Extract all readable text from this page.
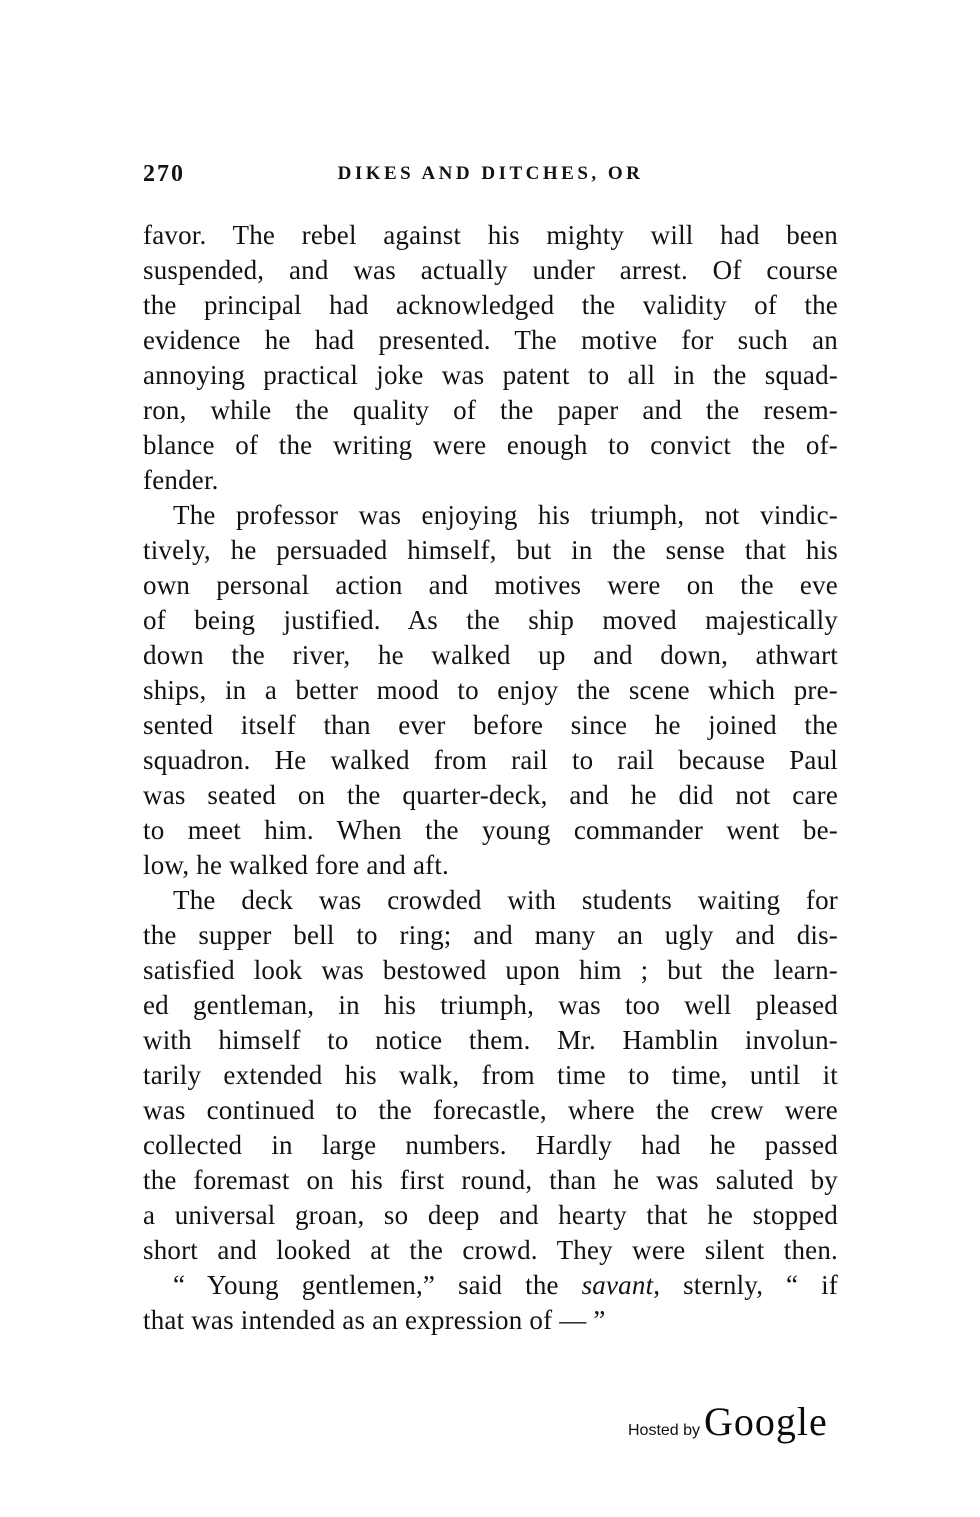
270	DIKES AND DITCHES, OR
favor. The rebel against his mighty will had been
suspended, and was actually under arrest. Of course
the principal had acknowledged the validity of the
evidence he had presented. The motive for such an
annoying practical joke was patent to all in the squad-
ron, while the quality of the paper and the resem-
blance of the writing were enough to convict the of-
fender.
The professor was enjoying his triumph, not vindic-
tively, he persuaded himself, but in the sense that his
own personal action and motives were on the eve
of being justified. As the ship moved majestically
down the river, he walked up and down, athwart
ships, in a better mood to enjoy the scene which pre-
sented itself than ever before since he joined the
squadron. He walked from rail to rail because Paul
was seated on the quarter-deck, and he did not care
to meet him. When the young commander went be-
low, he walked fore and aft.
The deck was crowded with students waiting for
the supper bell to ring; and many an ugly and dis-
satisfied look was bestowed upon him ; but the learn-
ed gentleman, in his triumph, was too well pleased
with himself to notice them. Mr. Hamblin involun-
tarily extended his walk, from time to time, until it
was continued to the forecastle, where the crew were
collected in large numbers. Hardly had he passed
the foremast on his first round, than he was saluted by
a universal groan, so deep and hearty that he stopped
short and looked at the crowd. They were silent then.
“ Young gentlemen,” said the savant, sternly, “ if
that was intended as an expression of — ”
Hosted by Google
